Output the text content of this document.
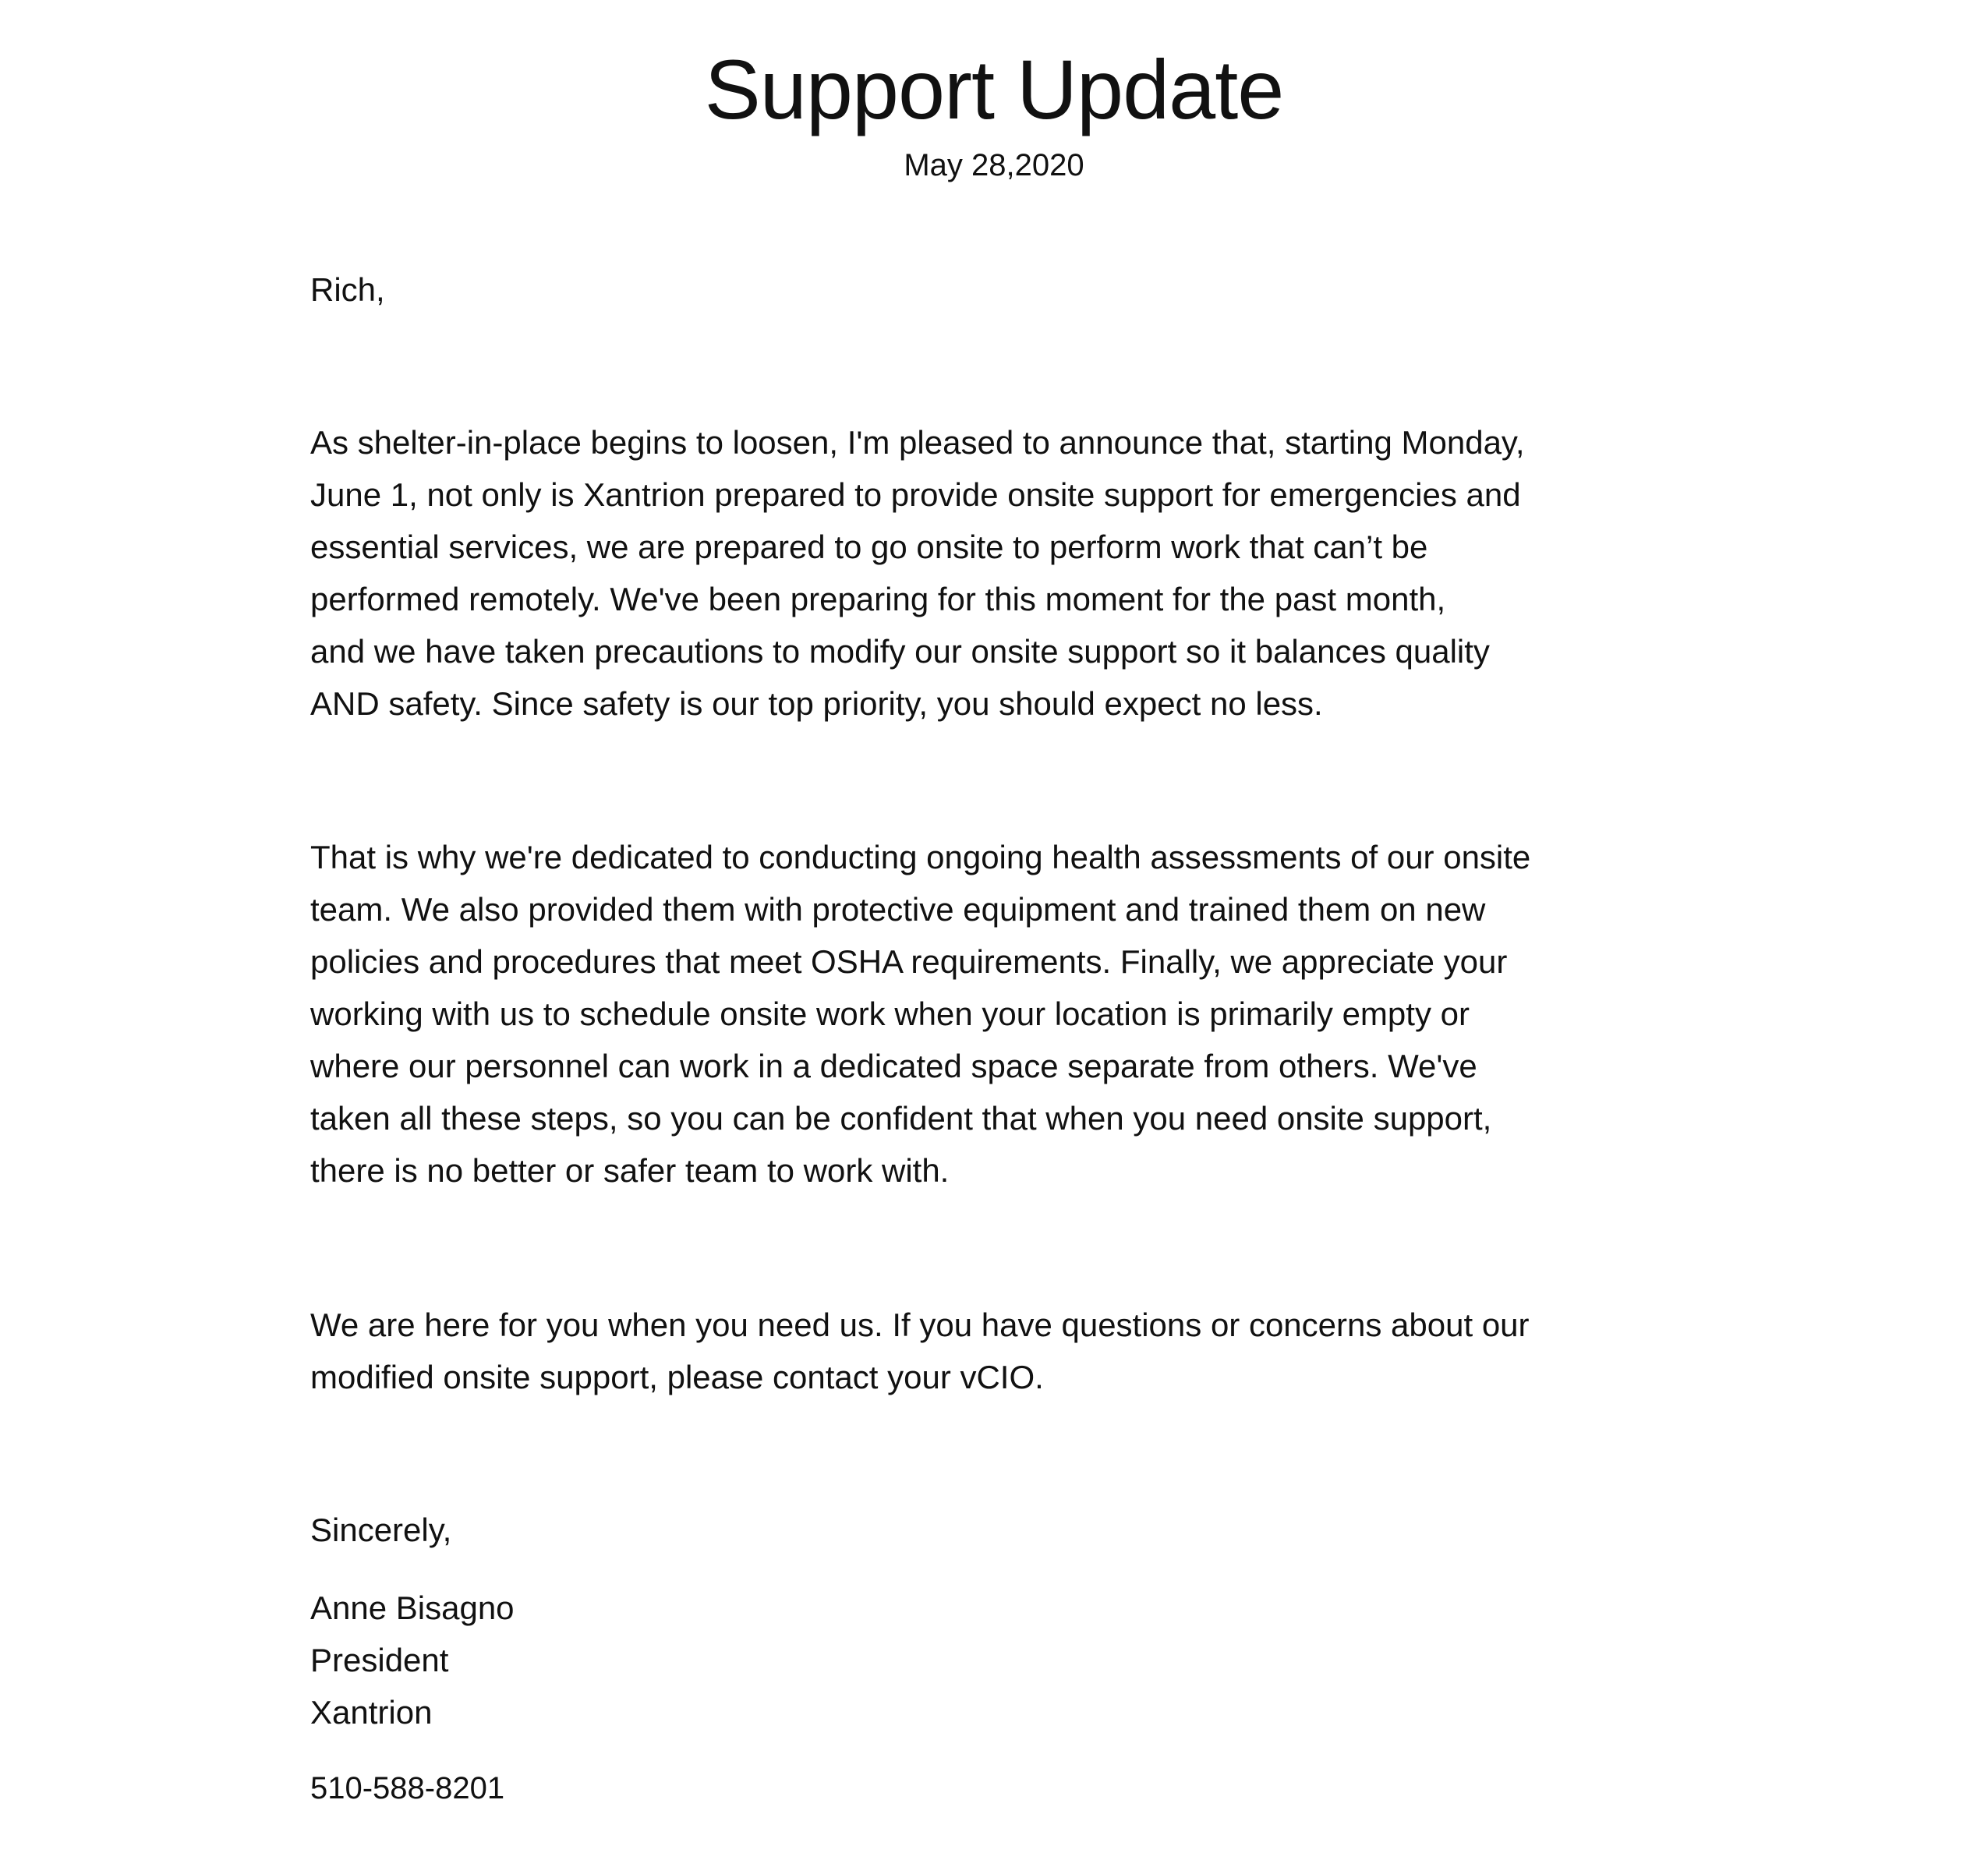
Support Update
May 28,2020

Rich,

As shelter-in-place begins to loosen, I'm pleased to announce that, starting Monday,
June 1, not only is Xantrion prepared to provide onsite support for emergencies and
essential services, we are prepared to go onsite to perform work that can’t be
performed remotely. We've been preparing for this moment for the past month,
and we have taken precautions to modify our onsite support so it balances quality
AND safety. Since safety is our top priority, you should expect no less.

That is why we're dedicated to conducting ongoing health assessments of our onsite
team. We also provided them with protective equipment and trained them on new
policies and procedures that meet OSHA requirements. Finally, we appreciate your
working with us to schedule onsite work when your location is primarily empty or
where our personnel can work in a dedicated space separate from others. We've
taken all these steps, so you can be confident that when you need onsite support,
there is no better or safer team to work with.

We are here for you when you need us. If you have questions or concerns about our
modified onsite support, please contact your vCIO.

Sincerely,

Anne Bisagno

President

Xantrion

510-588-8201
